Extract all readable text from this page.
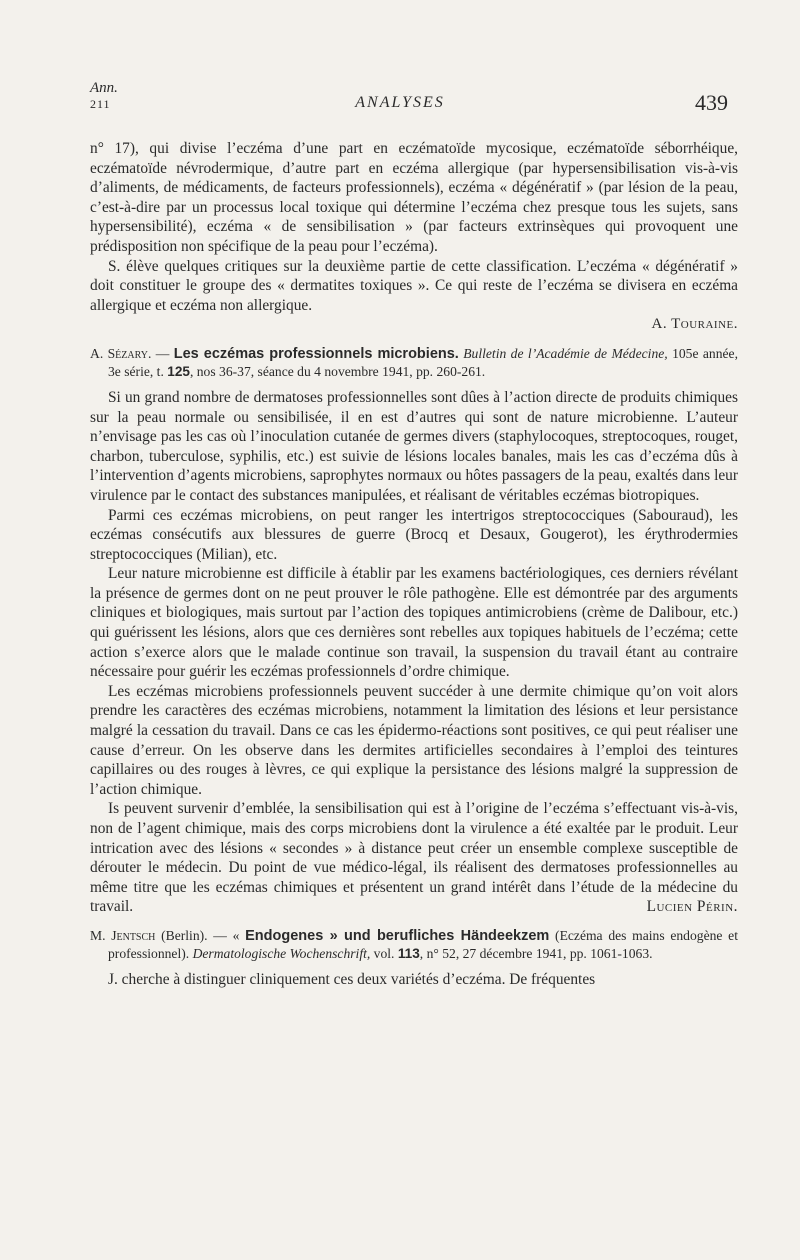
Ann.
211	ANALYSES	439

n° 17), qui divise l’eczéma d’une part en eczématoïde mycosique, eczématoïde séborrhéique, eczématoïde névrodermique, d’autre part en eczéma allergique (par hypersensibilisation vis-à-vis d’aliments, de médicaments, de facteurs professionnels), eczéma « dégénératif » (par lésion de la peau, c’est-à-dire par un processus local toxique qui détermine l’eczéma chez presque tous les sujets, sans hypersensibilité), eczéma « de sensibilisation » (par facteurs extrinsèques qui provoquent une prédisposition non spécifique de la peau pour l’eczéma).

S. élève quelques critiques sur la deuxième partie de cette classification. L’eczéma « dégénératif » doit constituer le groupe des « dermatites toxiques ». Ce qui reste de l’eczéma se divisera en eczéma allergique et eczéma non allergique.

A. Touraine.

A. Sézary. — Les eczémas professionnels microbiens. Bulletin de l’Académie de Médecine, 105e année, 3e série, t. 125, nos 36-37, séance du 4 novembre 1941, pp. 260-261.

Si un grand nombre de dermatoses professionnelles sont dûes à l’action directe de produits chimiques sur la peau normale ou sensibilisée, il en est d’autres qui sont de nature microbienne. L’auteur n’envisage pas les cas où l’inoculation cutanée de germes divers (staphylocoques, streptocoques, rouget, charbon, tuberculose, syphilis, etc.) est suivie de lésions locales banales, mais les cas d’eczéma dûs à l’intervention d’agents microbiens, saprophytes normaux ou hôtes passagers de la peau, exaltés dans leur virulence par le contact des substances manipulées, et réalisant de véritables eczémas biotropiques.

Parmi ces eczémas microbiens, on peut ranger les intertrigos streptococciques (Sabouraud), les eczémas consécutifs aux blessures de guerre (Brocq et Desaux, Gougerot), les érythrodermies streptococciques (Milian), etc.

Leur nature microbienne est difficile à établir par les examens bactériologiques, ces derniers révélant la présence de germes dont on ne peut prouver le rôle pathogène. Elle est démontrée par des arguments cliniques et biologiques, mais surtout par l’action des topiques antimicrobiens (crème de Dalibour, etc.) qui guérissent les lésions, alors que ces dernières sont rebelles aux topiques habituels de l’eczéma; cette action s’exerce alors que le malade continue son travail, la suspension du travail étant au contraire nécessaire pour guérir les eczémas professionnels d’ordre chimique.

Les eczémas microbiens professionnels peuvent succéder à une dermite chimique qu’on voit alors prendre les caractères des eczémas microbiens, notamment la limitation des lésions et leur persistance malgré la cessation du travail. Dans ce cas les épidermo-réactions sont positives, ce qui peut réaliser une cause d’erreur. On les observe dans les dermites artificielles secondaires à l’emploi des teintures capillaires ou des rouges à lèvres, ce qui explique la persistance des lésions malgré la suppression de l’action chimique.

Is peuvent survenir d’emblée, la sensibilisation qui est à l’origine de l’eczéma s’effectuant vis-à-vis, non de l’agent chimique, mais des corps microbiens dont la virulence a été exaltée par le produit. Leur intrication avec des lésions « secondes » à distance peut créer un ensemble complexe susceptible de dérouter le médecin. Du point de vue médico-légal, ils réalisent des dermatoses professionnelles au même titre que les eczémas chimiques et présentent un grand intérêt dans l’étude de la médecine du travail.	Lucien Périn.

M. Jentsch (Berlin). — « Endogenes » und berufliches Händeekzem (Eczéma des mains endogène et professionnel). Dermatologische Wochenschrift, vol. 113, n° 52, 27 décembre 1941, pp. 1061-1063.

J. cherche à distinguer cliniquement ces deux variétés d’eczéma. De fréquentes
